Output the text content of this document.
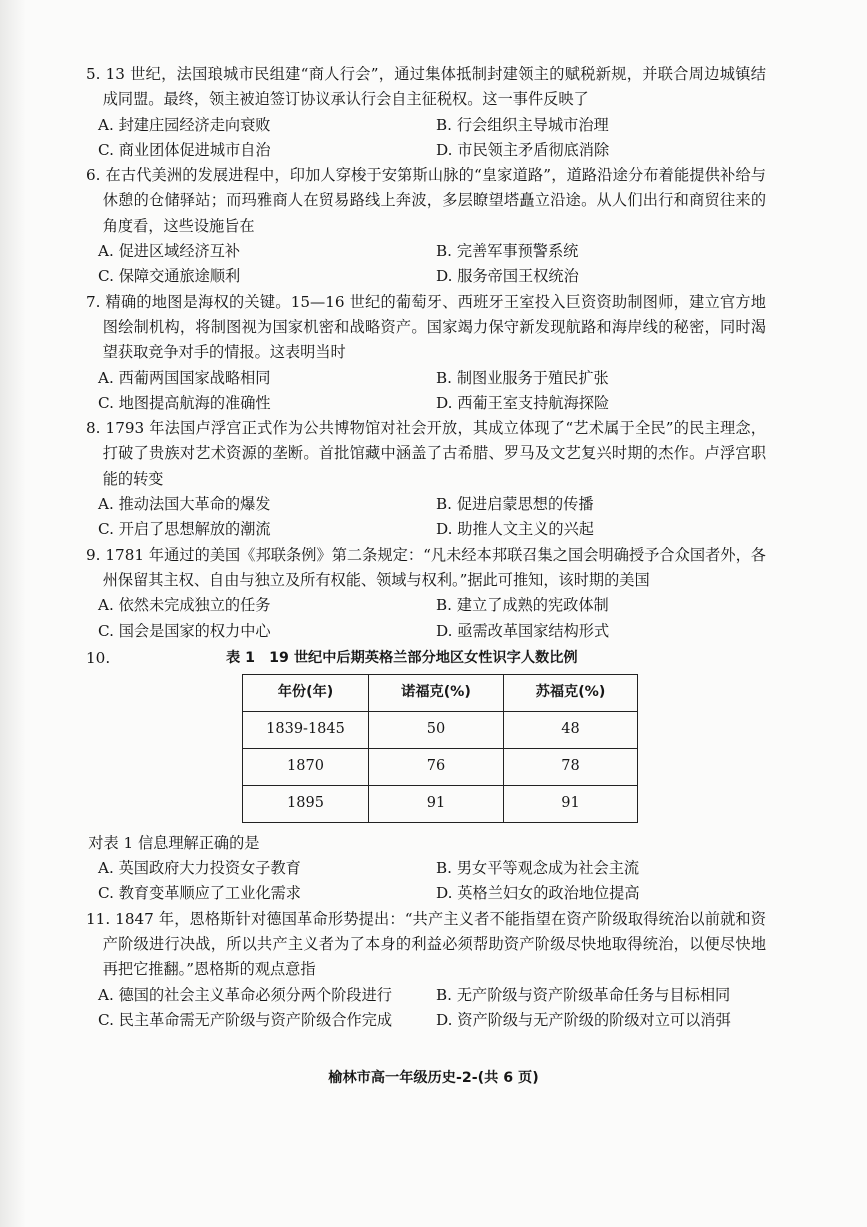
5. 13 世纪，法国琅城市民组建“商人行会”，通过集体抵制封建领主的赋税新规，并联合周边城镇结成同盟。最终，领主被迫签订协议承认行会自主征税权。这一事件反映了

A. 封建庄园经济走向衰败	B. 行会组织主导城市治理
C. 商业团体促进城市自治	D. 市民领主矛盾彻底消除

6. 在古代美洲的发展进程中，印加人穿梭于安第斯山脉的“皇家道路”，道路沿途分布着能提供补给与休憩的仓储驿站；而玛雅商人在贸易路线上奔波，多层瞭望塔矗立沿途。从人们出行和商贸往来的角度看，这些设施旨在

A. 促进区域经济互补	B. 完善军事预警系统
C. 保障交通旅途顺利	D. 服务帝国王权统治

7. 精确的地图是海权的关键。15—16 世纪的葡萄牙、西班牙王室投入巨资资助制图师，建立官方地图绘制机构，将制图视为国家机密和战略资产。国家竭力保守新发现航路和海岸线的秘密，同时渴望获取竞争对手的情报。这表明当时

A. 西葡两国国家战略相同	B. 制图业服务于殖民扩张
C. 地图提高航海的准确性	D. 西葡王室支持航海探险

8. 1793 年法国卢浮宫正式作为公共博物馆对社会开放，其成立体现了“艺术属于全民”的民主理念，打破了贵族对艺术资源的垄断。首批馆藏中涵盖了古希腊、罗马及文艺复兴时期的杰作。卢浮宫职能的转变

A. 推动法国大革命的爆发	B. 促进启蒙思想的传播
C. 开启了思想解放的潮流	D. 助推人文主义的兴起

9. 1781 年通过的美国《邦联条例》第二条规定：“凡未经本邦联召集之国会明确授予合众国者外，各州保留其主权、自由与独立及所有权能、领域与权利。”据此可推知，该时期的美国

A. 依然未完成独立的任务	B. 建立了成熟的宪政体制
C. 国会是国家的权力中心	D. 亟需改革国家结构形式
10.	表 1　19 世纪中后期英格兰部分地区女性识字人数比例
年份(年)	诺福克(%)	苏福克(%)
1839-1845	50	48
1870	76	78
1895	91	91

对表 1 信息理解正确的是

A. 英国政府大力投资女子教育	B. 男女平等观念成为社会主流
C. 教育变革顺应了工业化需求	D. 英格兰妇女的政治地位提高

11. 1847 年，恩格斯针对德国革命形势提出：“共产主义者不能指望在资产阶级取得统治以前就和资产阶级进行决战，所以共产主义者为了本身的利益必须帮助资产阶级尽快地取得统治，以便尽快地再把它推翻。”恩格斯的观点意指

A. 德国的社会主义革命必须分两个阶段进行	B. 无产阶级与资产阶级革命任务与目标相同
C. 民主革命需无产阶级与资产阶级合作完成	D. 资产阶级与无产阶级的阶级对立可以消弭
榆林市高一年级历史-2-(共 6 页)
